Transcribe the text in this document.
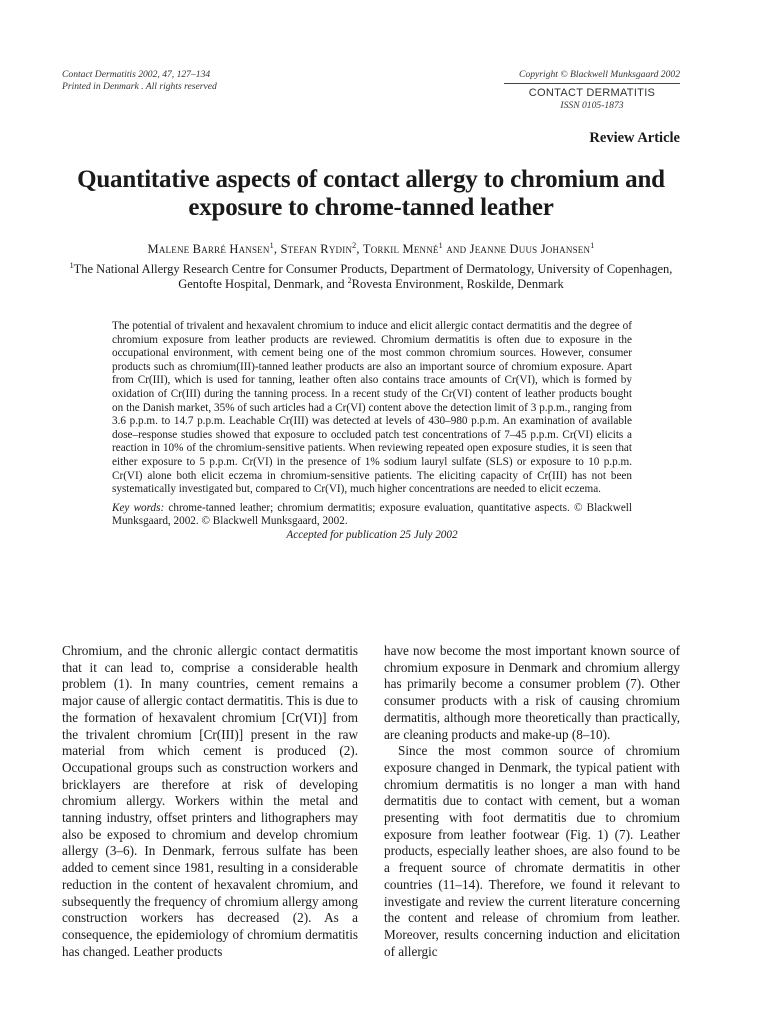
Contact Dermatitis 2002, 47, 127–134
Printed in Denmark . All rights reserved
Copyright © Blackwell Munksgaard 2002
CONTACT DERMATITIS
ISSN 0105-1873
Review Article
Quantitative aspects of contact allergy to chromium and exposure to chrome-tanned leather
Malene Barré Hansen$^1$, Stefan Rydin$^2$, Torkil Menné$^1$ and Jeanne Duus Johansen$^1$
$^1$The National Allergy Research Centre for Consumer Products, Department of Dermatology, University of Copenhagen, Gentofte Hospital, Denmark, and $^2$Rovesta Environment, Roskilde, Denmark

The potential of trivalent and hexavalent chromium to induce and elicit allergic contact dermatitis and the degree of chromium exposure from leather products are reviewed. Chromium dermatitis is often due to exposure in the occupational environment, with cement being one of the most common chromium sources. However, consumer products such as chromium(III)-tanned leather products are also an important source of chromium exposure. Apart from Cr(III), which is used for tanning, leather often also contains trace amounts of Cr(VI), which is formed by oxidation of Cr(III) during the tanning process. In a recent study of the Cr(VI) content of leather products bought on the Danish market, 35% of such articles had a Cr(VI) content above the detection limit of 3 p.p.m., ranging from 3.6 p.p.m. to 14.7 p.p.m. Leachable Cr(III) was detected at levels of 430–980 p.p.m. An examination of available dose–response studies showed that exposure to occluded patch test concentrations of 7–45 p.p.m. Cr(VI) elicits a reaction in 10% of the chromium-sensitive patients. When reviewing repeated open exposure studies, it is seen that either exposure to 5 p.p.m. Cr(VI) in the presence of 1% sodium lauryl sulfate (SLS) or exposure to 10 p.p.m. Cr(VI) alone both elicit eczema in chromium-sensitive patients. The eliciting capacity of Cr(III) has not been systematically investigated but, compared to Cr(VI), much higher concentrations are needed to elicit eczema.

Key words: chrome-tanned leather; chromium dermatitis; exposure evaluation, quantitative aspects. © Blackwell Munksgaard, 2002. © Blackwell Munksgaard, 2002.

Accepted for publication 25 July 2002

Chromium, and the chronic allergic contact dermatitis that it can lead to, comprise a considerable health problem (1). In many countries, cement remains a major cause of allergic contact dermatitis. This is due to the formation of hexavalent chromium [Cr(VI)] from the trivalent chromium [Cr(III)] present in the raw material from which cement is produced (2). Occupational groups such as construction workers and bricklayers are therefore at risk of developing chromium allergy. Workers within the metal and tanning industry, offset printers and lithographers may also be exposed to chromium and develop chromium allergy (3–6). In Denmark, ferrous sulfate has been added to cement since 1981, resulting in a considerable reduction in the content of hexavalent chromium, and subsequently the frequency of chromium allergy among construction workers has decreased (2). As a consequence, the epidemiology of chromium dermatitis has changed. Leather products

have now become the most important known source of chromium exposure in Denmark and chromium allergy has primarily become a consumer problem (7). Other consumer products with a risk of causing chromium dermatitis, although more theoretically than practically, are cleaning products and make-up (8–10).

Since the most common source of chromium exposure changed in Denmark, the typical patient with chromium dermatitis is no longer a man with hand dermatitis due to contact with cement, but a woman presenting with foot dermatitis due to chromium exposure from leather footwear (Fig. 1) (7). Leather products, especially leather shoes, are also found to be a frequent source of chromate dermatitis in other countries (11–14). Therefore, we found it relevant to investigate and review the current literature concerning the content and release of chromium from leather. Moreover, results concerning induction and elicitation of allergic
